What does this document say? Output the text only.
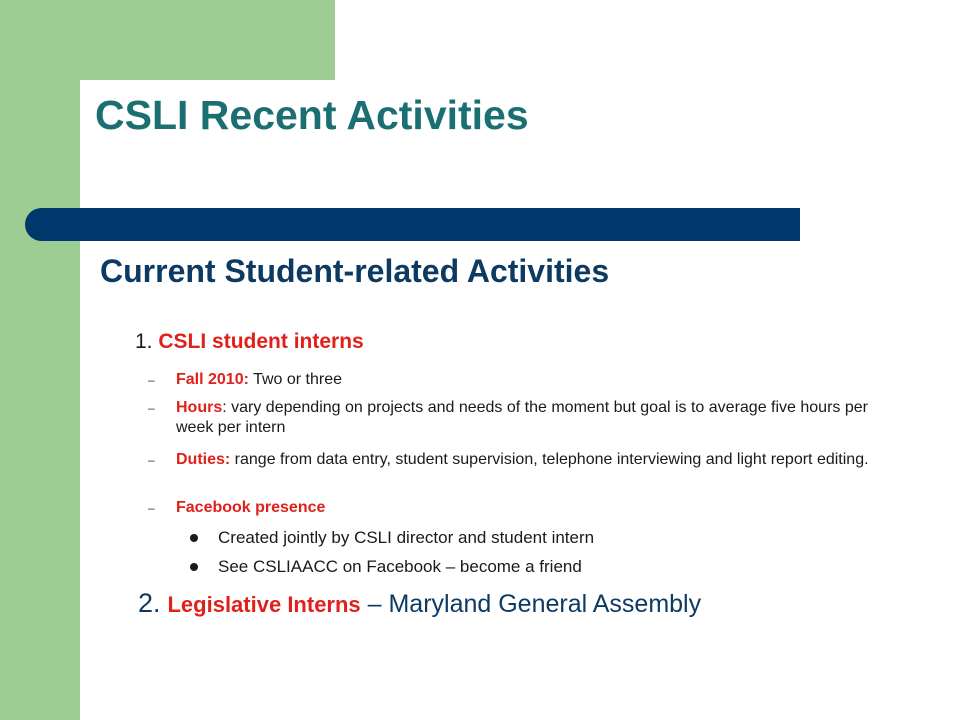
CSLI Recent Activities
Current Student-related Activities
1. CSLI student interns
– Fall 2010: Two or three
– Hours: vary depending on projects and needs of the moment but goal is to average five hours per week per intern
– Duties: range from data entry, student supervision, telephone interviewing and light report editing.
– Facebook presence
Created jointly by CSLI director and student intern
See CSLIAACC on Facebook – become a friend
2. Legislative Interns – Maryland General Assembly
